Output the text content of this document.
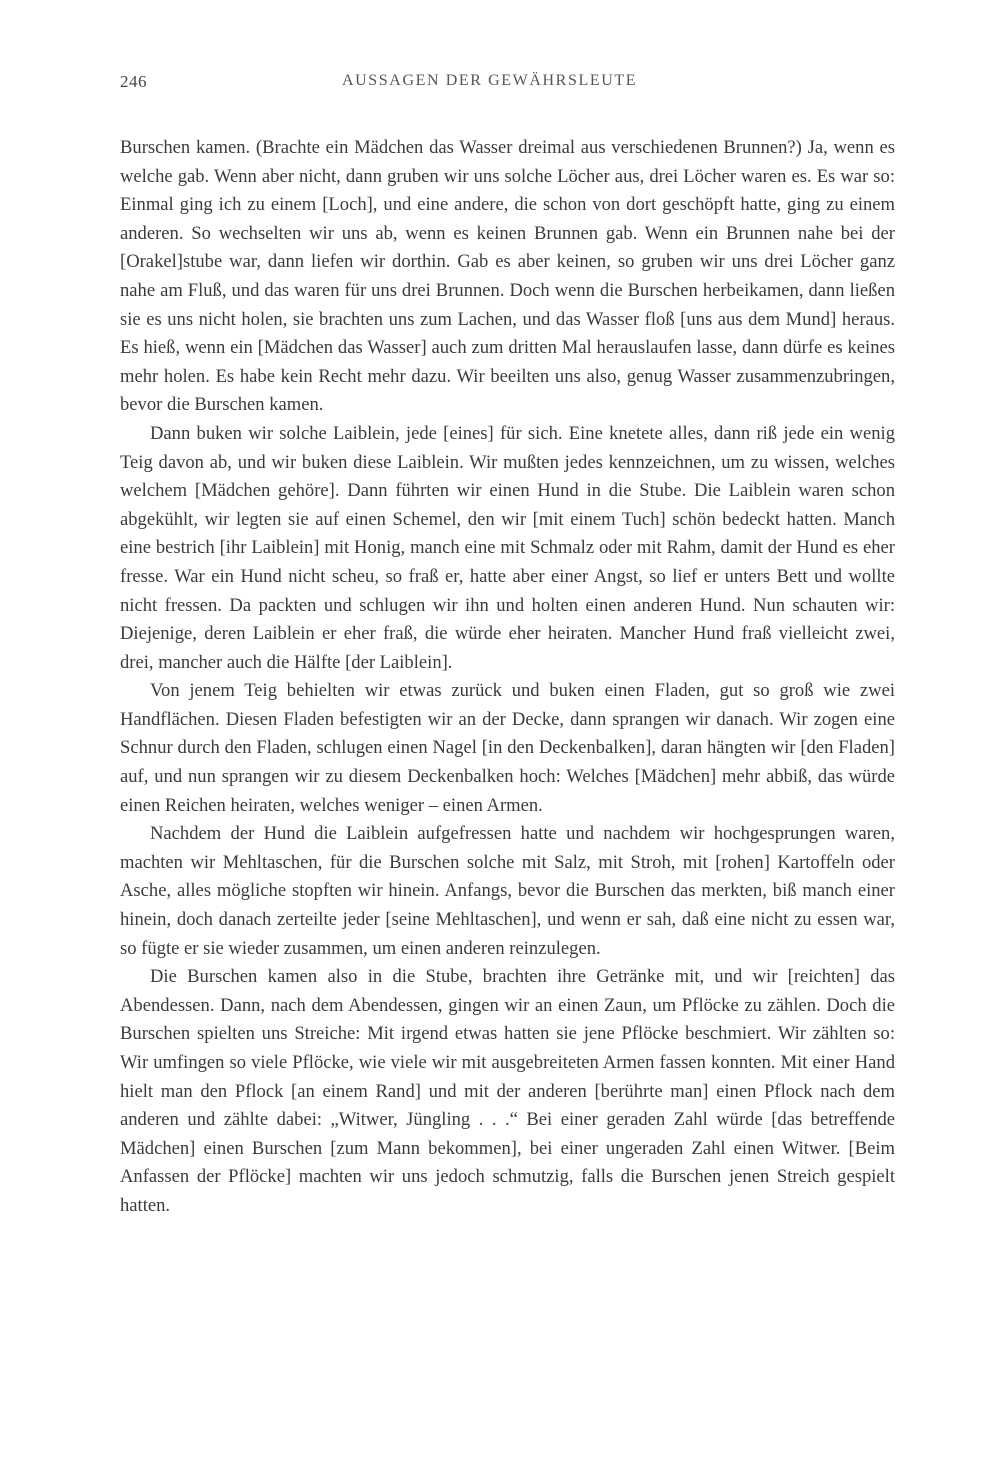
246	AUSSAGEN DER GEWÄHRSLEUTE

Burschen kamen. (Brachte ein Mädchen das Wasser dreimal aus verschiedenen Brunnen?) Ja, wenn es welche gab. Wenn aber nicht, dann gruben wir uns solche Löcher aus, drei Löcher waren es. Es war so: Einmal ging ich zu einem [Loch], und eine andere, die schon von dort geschöpft hatte, ging zu einem anderen. So wechselten wir uns ab, wenn es keinen Brunnen gab. Wenn ein Brunnen nahe bei der [Orakel]stube war, dann liefen wir dorthin. Gab es aber keinen, so gruben wir uns drei Löcher ganz nahe am Fluß, und das waren für uns drei Brunnen. Doch wenn die Burschen herbeikamen, dann ließen sie es uns nicht holen, sie brachten uns zum Lachen, und das Wasser floß [uns aus dem Mund] heraus. Es hieß, wenn ein [Mädchen das Wasser] auch zum dritten Mal herauslaufen lasse, dann dürfe es keines mehr holen. Es habe kein Recht mehr dazu. Wir beeilten uns also, genug Wasser zusammenzubringen, bevor die Burschen kamen.

Dann buken wir solche Laiblein, jede [eines] für sich. Eine knetete alles, dann riß jede ein wenig Teig davon ab, und wir buken diese Laiblein. Wir mußten jedes kennzeichnen, um zu wissen, welches welchem [Mädchen gehöre]. Dann führten wir einen Hund in die Stube. Die Laiblein waren schon abgekühlt, wir legten sie auf einen Schemel, den wir [mit einem Tuch] schön bedeckt hatten. Manch eine bestrich [ihr Laiblein] mit Honig, manch eine mit Schmalz oder mit Rahm, damit der Hund es eher fresse. War ein Hund nicht scheu, so fraß er, hatte aber einer Angst, so lief er unters Bett und wollte nicht fressen. Da packten und schlugen wir ihn und holten einen anderen Hund. Nun schauten wir: Diejenige, deren Laiblein er eher fraß, die würde eher heiraten. Mancher Hund fraß vielleicht zwei, drei, mancher auch die Hälfte [der Laiblein].

Von jenem Teig behielten wir etwas zurück und buken einen Fladen, gut so groß wie zwei Handflächen. Diesen Fladen befestigten wir an der Decke, dann sprangen wir danach. Wir zogen eine Schnur durch den Fladen, schlugen einen Nagel [in den Deckenbalken], daran hängten wir [den Fladen] auf, und nun sprangen wir zu diesem Deckenbalken hoch: Welches [Mädchen] mehr abbiß, das würde einen Reichen heiraten, welches weniger – einen Armen.

Nachdem der Hund die Laiblein aufgefressen hatte und nachdem wir hochgesprungen waren, machten wir Mehltaschen, für die Burschen solche mit Salz, mit Stroh, mit [rohen] Kartoffeln oder Asche, alles mögliche stopften wir hinein. Anfangs, bevor die Burschen das merkten, biß manch einer hinein, doch danach zerteilte jeder [seine Mehltaschen], und wenn er sah, daß eine nicht zu essen war, so fügte er sie wieder zusammen, um einen anderen reinzulegen.

Die Burschen kamen also in die Stube, brachten ihre Getränke mit, und wir [reichten] das Abendessen. Dann, nach dem Abendessen, gingen wir an einen Zaun, um Pflöcke zu zählen. Doch die Burschen spielten uns Streiche: Mit irgend etwas hatten sie jene Pflöcke beschmiert. Wir zählten so: Wir umfingen so viele Pflöcke, wie viele wir mit ausgebreiteten Armen fassen konnten. Mit einer Hand hielt man den Pflock [an einem Rand] und mit der anderen [berührte man] einen Pflock nach dem anderen und zählte dabei: „Witwer, Jüngling . . .“ Bei einer geraden Zahl würde [das betreffende Mädchen] einen Burschen [zum Mann bekommen], bei einer ungeraden Zahl einen Witwer. [Beim Anfassen der Pflöcke] machten wir uns jedoch schmutzig, falls die Burschen jenen Streich gespielt hatten.
